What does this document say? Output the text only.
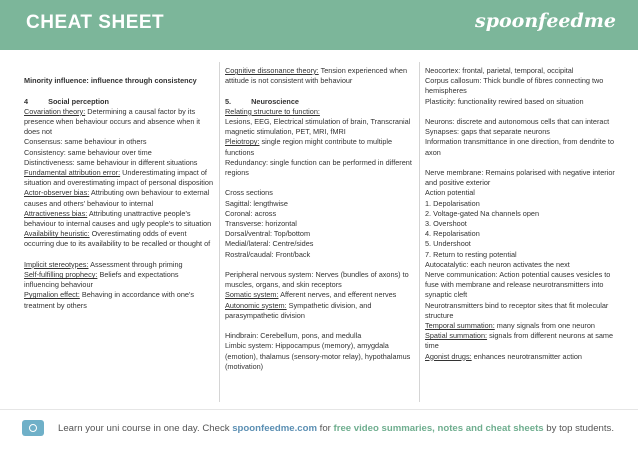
CHEAT SHEET	spoonfeedme
Minority influence: influence through consistency
4	Social perception
Covariation theory: Determining a causal factor by its presence when behaviour occurs and absence when it does not
Consensus: same behaviour in others
Consistency: same behaviour over time
Distinctiveness: same behaviour in different situations
Fundamental attribution error: Underestimating impact of situation and overestimating impact of personal disposition
Actor-observer bias: Attributing own behaviour to external causes and others' behaviour to internal
Attractiveness bias: Attributing unattractive people's behaviour to internal causes and ugly people's to situation
Availability heuristic: Overestimating odds of event occurring due to its availability to be recalled or thought of
Implicit stereotypes: Assessment through priming
Self-fulfilling prophecy: Beliefs and expectations influencing behaviour
Pygmalion effect: Behaving in accordance with one's treatment by others
Cognitive dissonance theory: Tension experienced when attitude is not consistent with behaviour
5.	Neuroscience
Relating structure to function:
Lesions, EEG, Electrical stimulation of brain, Transcranial magnetic stimulation, PET, MRI, fMRI
Pleiotropy: single region might contribute to multiple functions
Redundancy: single function can be performed in different regions
Cross sections
Sagittal: lengthwise
Coronal: across
Transverse: horizontal
Dorsal/ventral: Top/bottom
Medial/lateral: Centre/sides
Rostral/caudal: Front/back
Peripheral nervous system: Nerves (bundles of axons) to muscles, organs, and skin receptors
Somatic system: Afferent nerves, and efferent nerves
Autonomic system: Sympathetic division, and parasympathetic division
Hindbrain: Cerebellum, pons, and medulla
Limbic system: Hippocampus (memory), amygdala (emotion), thalamus (sensory-motor relay), hypothalamus (motivation)
Neocortex: frontal, parietal, temporal, occipital
Corpus callosum: Thick bundle of fibres connecting two hemispheres
Plasticity: functionality rewired based on situation
Neurons: discrete and autonomous cells that can interact
Synapses: gaps that separate neurons
Information transmittance in one direction, from dendrite to axon
Nerve membrane: Remains polarised with negative interior and positive exterior
Action potential
1. Depolarisation
2. Voltage-gated Na channels open
3. Overshoot
4. Repolarisation
5. Undershoot
7. Return to resting potential
Autocatalytic: each neuron activates the next
Nerve communication: Action potential causes vesicles to fuse with membrane and release neurotransmitters into synaptic cleft
Neurotransmitters bind to receptor sites that fit molecular structure
Temporal summation: many signals from one neuron
Spatial summation: signals from different neurons at same time
Agonist drugs: enhances neurotransmitter action
Learn your uni course in one day. Check spoonfeedme.com for free video summaries, notes and cheat sheets by top students.
